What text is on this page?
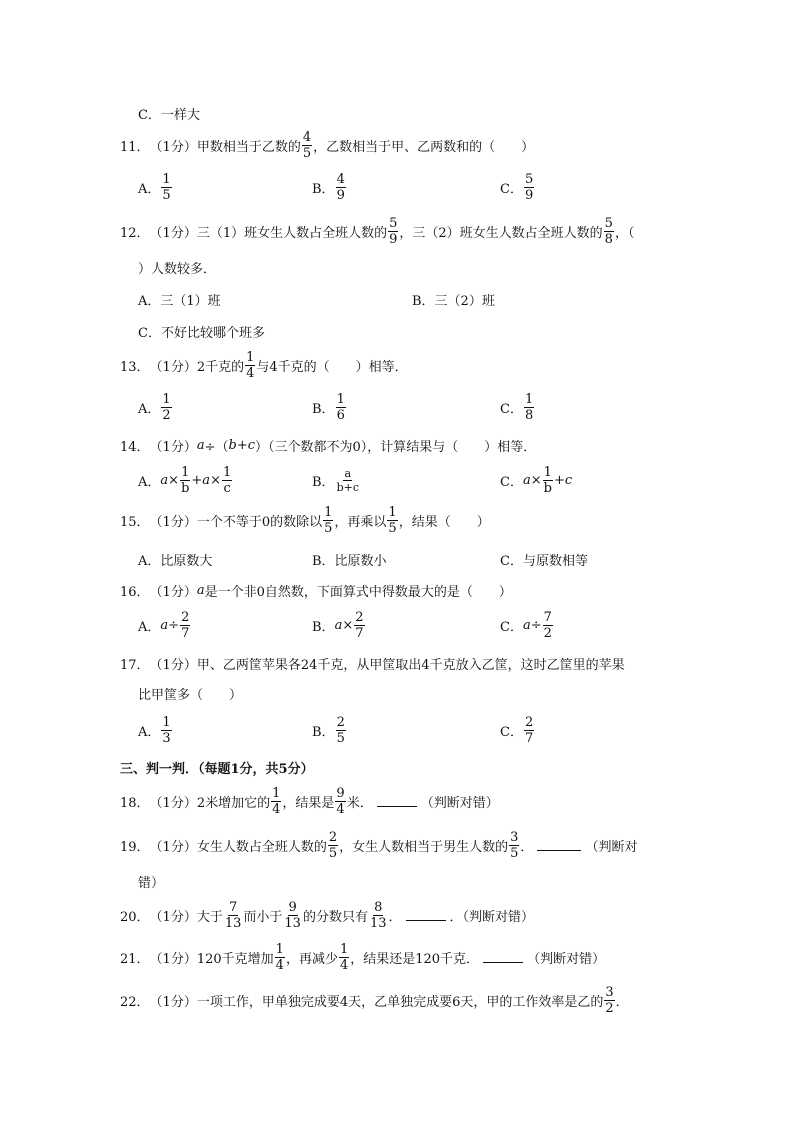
C．一样大
11． （1分） 甲数相当于乙数的 $\frac{4}{5}$ ，乙数相当于甲、乙两数和的（　　）
A． $\frac{1}{5}$	B． $\frac{4}{9}$	C． $\frac{5}{9}$
12． （1分） 三（1）班女生人数占全班人数的 $\frac{5}{9}$ ，三（2）班女生人数占全班人数的 $\frac{5}{8}$ ，（
）人数较多．
A．三（1）班	B．三（2）班
C．不好比较哪个班多
13． （1分） 2千克的 $\frac{1}{4}$ 与4千克的（　　）相等．
A． $\frac{1}{2}$	B． $\frac{1}{6}$	C． $\frac{1}{8}$
14． （1分） a ÷（ b + c ）（三个数都不为0），计算结果与（　　）相等．
A． $a \times \frac{1}{b} + a \times \frac{1}{c}$	B． $\frac{a}{b+c}$	C． $a \times \frac{1}{b} + c$
15． （1分） 一个不等于0的数除以 $\frac{1}{5}$ ，再乘以 $\frac{1}{5}$ ，结果（　　）
A．比原数大	B．比原数小	C．与原数相等
16． （1分） a 是一个非0自然数，下面算式中得数最大的是（　　）
A． $a \div \frac{2}{7}$	B． $a \times \frac{2}{7}$	C． $a \div \frac{7}{2}$
17． （1分） 甲、乙两筐苹果各24千克，从甲筐取出4千克放入乙筐，这时乙筐里的苹果
比甲筐多（　　）
A． $\frac{1}{3}$	B． $\frac{2}{5}$	C． $\frac{2}{7}$
三、判一判．（每题1分，共5分）
18． （1分） 2米增加它的 $\frac{1}{4}$ ，结果是 $\frac{9}{4}$ 米．	（判断对错）
19． （1分） 女生人数占全班人数的 $\frac{2}{5}$ ，女生人数相当于男生人数的 $\frac{3}{5}$ ．	（判断对
错）
20． （1分） 大于 $\frac{7}{13}$ 而小于 $\frac{9}{13}$ 的分数只有 $\frac{8}{13}$ ．	．（判断对错）
21． （1分） 120千克增加 $\frac{1}{4}$ ，再减少 $\frac{1}{4}$ ，结果还是120千克．	（判断对错）
22． （1分） 一项工作，甲单独完成要4天，乙单独完成要6天，甲的工作效率是乙的 $\frac{3}{2}$ ．
